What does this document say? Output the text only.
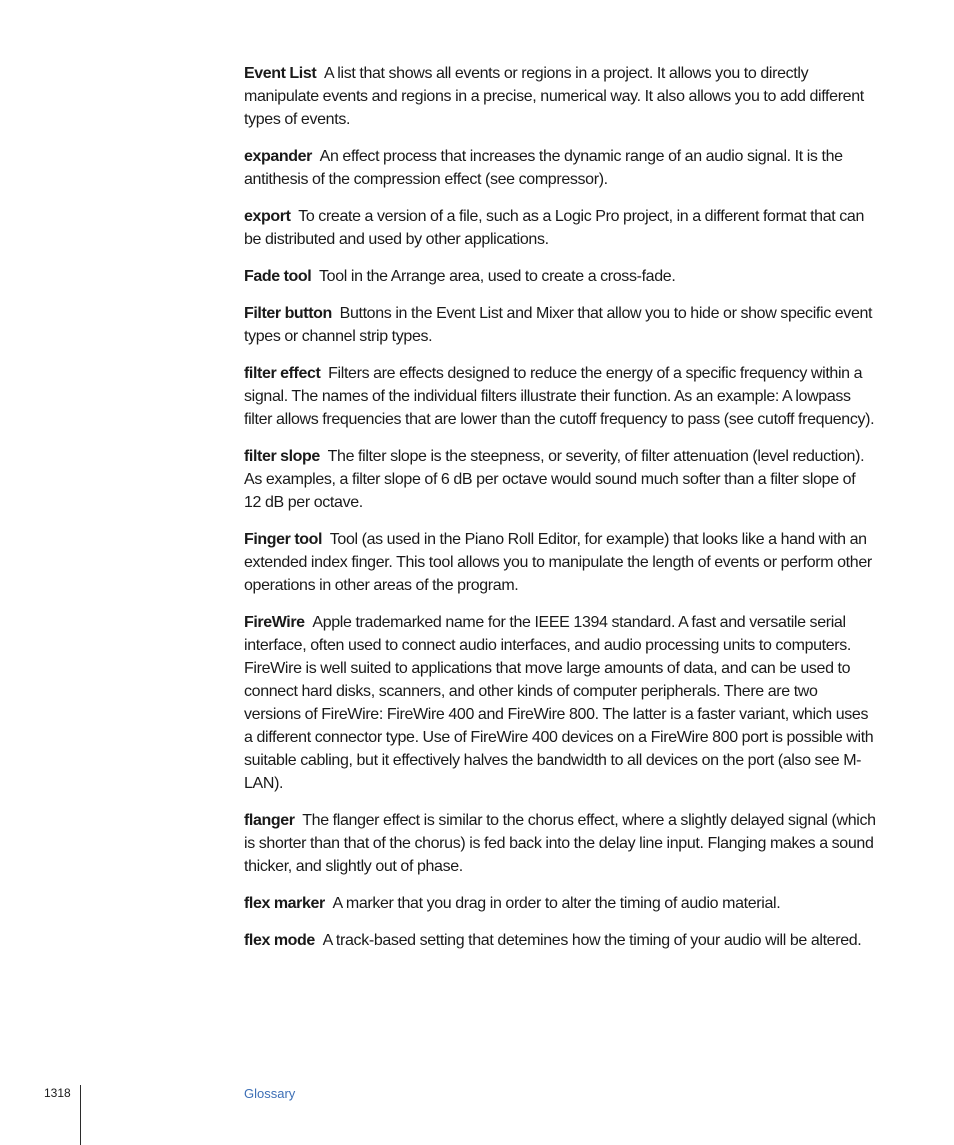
Event List A list that shows all events or regions in a project. It allows you to directly manipulate events and regions in a precise, numerical way. It also allows you to add different types of events.

expander An effect process that increases the dynamic range of an audio signal. It is the antithesis of the compression effect (see compressor).

export To create a version of a file, such as a Logic Pro project, in a different format that can be distributed and used by other applications.

Fade tool Tool in the Arrange area, used to create a cross-fade.

Filter button Buttons in the Event List and Mixer that allow you to hide or show specific event types or channel strip types.

filter effect Filters are effects designed to reduce the energy of a specific frequency within a signal. The names of the individual filters illustrate their function. As an example: A lowpass filter allows frequencies that are lower than the cutoff frequency to pass (see cutoff frequency).

filter slope The filter slope is the steepness, or severity, of filter attenuation (level reduction). As examples, a filter slope of 6 dB per octave would sound much softer than a filter slope of 12 dB per octave.

Finger tool Tool (as used in the Piano Roll Editor, for example) that looks like a hand with an extended index finger. This tool allows you to manipulate the length of events or perform other operations in other areas of the program.

FireWire Apple trademarked name for the IEEE 1394 standard. A fast and versatile serial interface, often used to connect audio interfaces, and audio processing units to computers. FireWire is well suited to applications that move large amounts of data, and can be used to connect hard disks, scanners, and other kinds of computer peripherals. There are two versions of FireWire: FireWire 400 and FireWire 800. The latter is a faster variant, which uses a different connector type. Use of FireWire 400 devices on a FireWire 800 port is possible with suitable cabling, but it effectively halves the bandwidth to all devices on the port (also see M-LAN).

flanger The flanger effect is similar to the chorus effect, where a slightly delayed signal (which is shorter than that of the chorus) is fed back into the delay line input. Flanging makes a sound thicker, and slightly out of phase.

flex marker A marker that you drag in order to alter the timing of audio material.

flex mode A track-based setting that detemines how the timing of your audio will be altered.

1318	Glossary
